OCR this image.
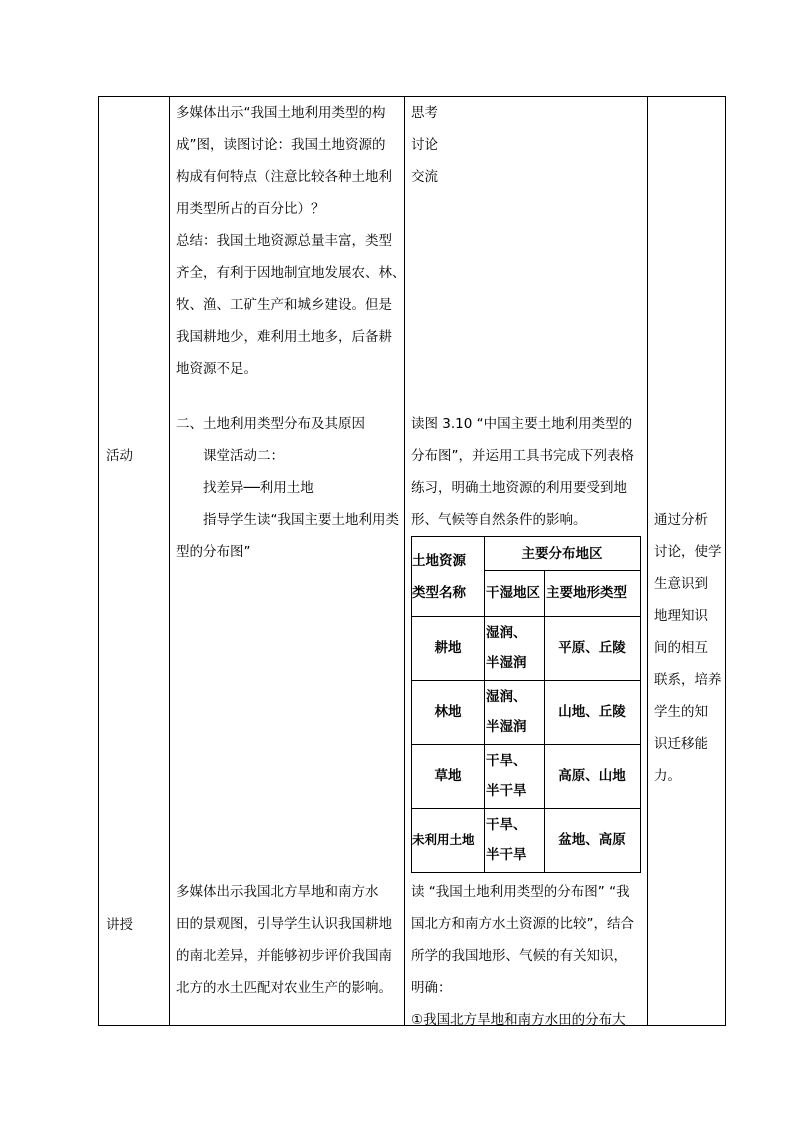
活动
讲授
多媒体出示“我国土地利用类型的构
成”图，读图讨论：我国土地资源的
构成有何特点（注意比较各种土地利
用类型所占的百分比）？
总结：我国土地资源总量丰富，类型
齐全，有利于因地制宜地发展农、林、
牧、渔、工矿生产和城乡建设。但是
我国耕地少，难利用土地多，后备耕
地资源不足。
二、土地利用类型分布及其原因
　　课堂活动二：
　　找差异──利用土地
　　指导学生读“我国主要土地利用类
型的分布图”
多媒体出示我国北方旱地和南方水
田的景观图，引导学生认识我国耕地
的南北差异，并能够初步评价我国南
北方的水土匹配对农业生产的影响。
思考
讨论
交流
读图 3.10 “中国主要土地利用类型的
分布图”，并运用工具书完成下列表格
练习，明确土地资源的利用要受到地
形、气候等自然条件的影响。
土地资源
类型名称
主要分布地区
干湿地区 主要地形类型
耕地
湿润、
半湿润
平原、丘陵
林地
湿润、
半湿润
山地、丘陵
草地
干旱、
半干旱
高原、山地
未利用土地
干旱、
半干旱
盆地、高原
读 “我国土地利用类型的分布图” “我
国北方和南方水土资源的比较”，结合
所学的我国地形、气候的有关知识，
明确：
①我国北方旱地和南方水田的分布大
通过分析
讨论，使学
生意识到
地理知识
间的相互
联系，培养
学生的知
识迁移能
力。
